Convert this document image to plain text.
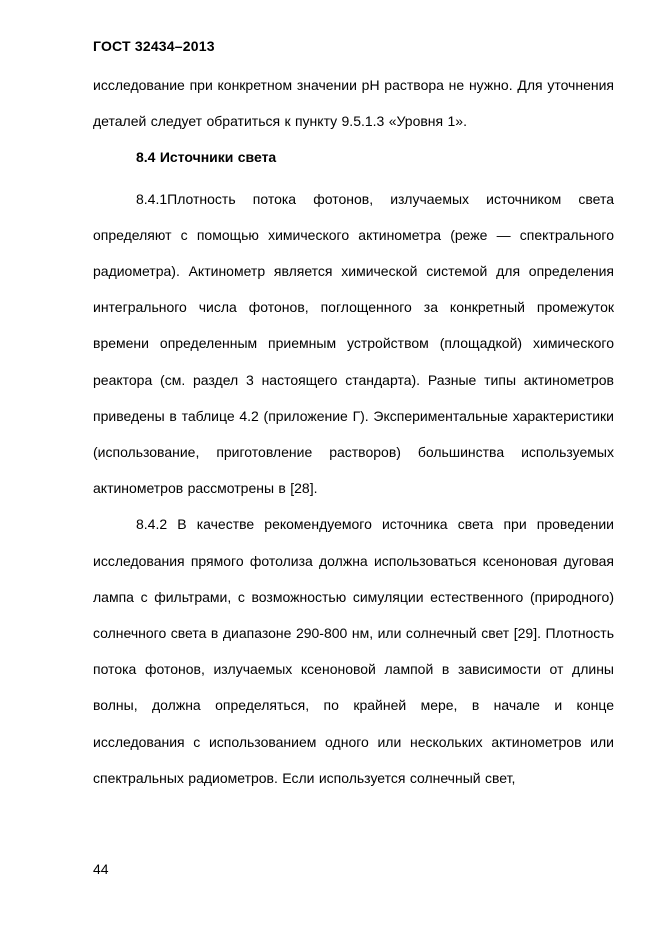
ГОСТ 32434–2013

исследование при конкретном значении pH раствора не нужно. Для уточнения деталей следует обратиться к пункту 9.5.1.3 «Уровня 1».

8.4 Источники света

8.4.1Плотность потока фотонов, излучаемых источником света определяют с помощью химического актинометра (реже — спектрального радиометра). Актинометр является химической системой для определения интегрального числа фотонов, поглощенного за конкретный промежуток времени определенным приемным устройством (площадкой) химического реактора (см. раздел 3 настоящего стандарта). Разные типы актинометров приведены в таблице 4.2 (приложение Г). Экспериментальные характеристики (использование, приготовление растворов) большинства используемых актинометров рассмотрены в [28].

8.4.2 В качестве рекомендуемого источника света при проведении исследования прямого фотолиза должна использоваться ксеноновая дуговая лампа с фильтрами, с возможностью симуляции естественного (природного) солнечного света в диапазоне 290-800 нм, или солнечный свет [29]. Плотность потока фотонов, излучаемых ксеноновой лампой в зависимости от длины волны, должна определяться, по крайней мере, в начале и конце исследования с использованием одного или нескольких актинометров или спектральных радиометров. Если используется солнечный свет,

44
